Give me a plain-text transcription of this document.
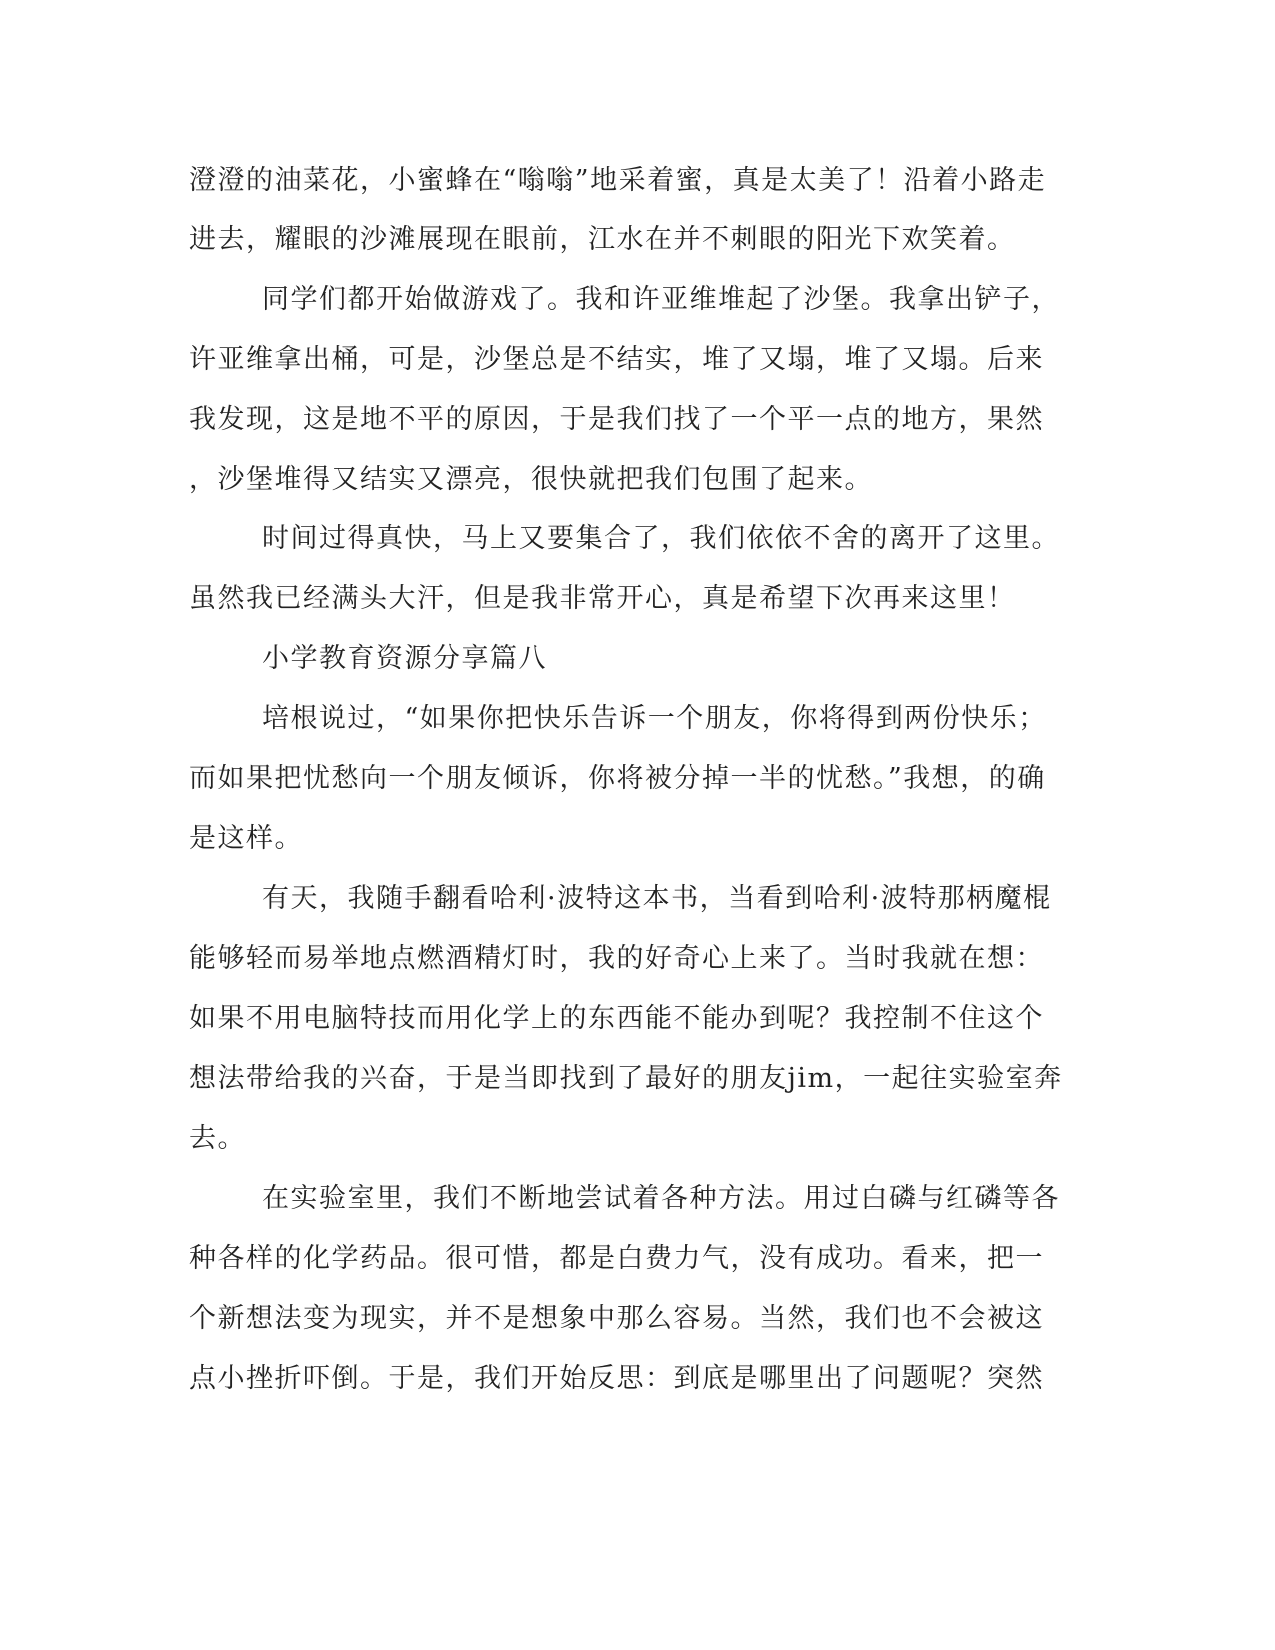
澄澄的油菜花，小蜜蜂在“嗡嗡”地采着蜜，真是太美了！沿着小路走
进去，耀眼的沙滩展现在眼前，江水在并不刺眼的阳光下欢笑着。
同学们都开始做游戏了。我和许亚维堆起了沙堡。我拿出铲子，
许亚维拿出桶，可是，沙堡总是不结实，堆了又塌，堆了又塌。后来
我发现，这是地不平的原因，于是我们找了一个平一点的地方，果然
，沙堡堆得又结实又漂亮，很快就把我们包围了起来。
时间过得真快，马上又要集合了，我们依依不舍的离开了这里。
虽然我已经满头大汗，但是我非常开心，真是希望下次再来这里！
小学教育资源分享篇八
培根说过，“如果你把快乐告诉一个朋友，你将得到两份快乐；
而如果把忧愁向一个朋友倾诉，你将被分掉一半的忧愁。”我想，的确
是这样。
有天，我随手翻看哈利·波特这本书，当看到哈利·波特那柄魔棍
能够轻而易举地点燃酒精灯时，我的好奇心上来了。当时我就在想：
如果不用电脑特技而用化学上的东西能不能办到呢？我控制不住这个
想法带给我的兴奋，于是当即找到了最好的朋友jim，一起往实验室奔
去。
在实验室里，我们不断地尝试着各种方法。用过白磷与红磷等各
种各样的化学药品。很可惜，都是白费力气，没有成功。看来，把一
个新想法变为现实，并不是想象中那么容易。当然，我们也不会被这
点小挫折吓倒。于是，我们开始反思：到底是哪里出了问题呢？突然
